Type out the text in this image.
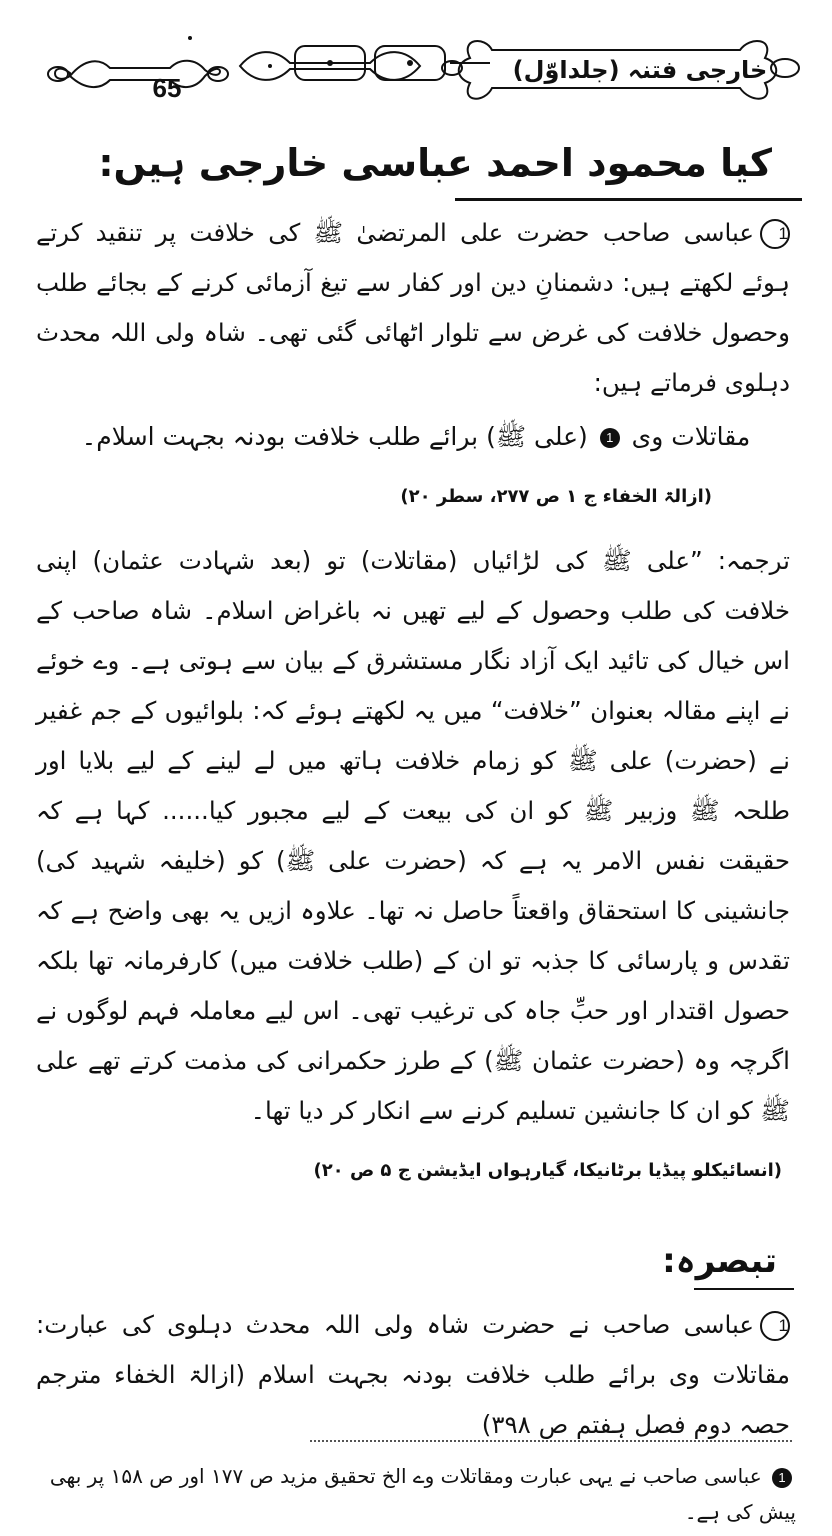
65
خارجی فتنہ (جلداوّل)
کیا محمود احمد عباسی خارجی ہیں:
1عباسی صاحب حضرت علی المرتضیٰ ﷺ کی خلافت پر تنقید کرتے ہوئے لکھتے ہیں: دشمنانِ دین اور کفار سے تیغ آزمائی کرنے کے بجائے طلب وحصول خلافت کی غرض سے تلوار اٹھائی گئی تھی۔ شاہ ولی اللہ محدث دہلوی فرماتے ہیں:
مقاتلات وی 1 (علی ﷺ) برائے طلب خلافت بودنہ بجہت اسلام۔
(ازالۃ الخفاء ج ۱ ص ۲۷۷، سطر ۲۰)
ترجمہ: ”علی ﷺ کی لڑائیاں (مقاتلات) تو (بعد شہادت عثمان) اپنی خلافت کی طلب وحصول کے لیے تھیں نہ باغراض اسلام۔ شاہ صاحب کے اس خیال کی تائید ایک آزاد نگار مستشرق کے بیان سے ہوتی ہے۔ وے خوئے نے اپنے مقالہ بعنوان ”خلافت“ میں یہ لکھتے ہوئے کہ: بلوائیوں کے جم غفیر نے (حضرت) علی ﷺ کو زمام خلافت ہاتھ میں لے لینے کے لیے بلایا اور طلحہ ﷺ وزبیر ﷺ کو ان کی بیعت کے لیے مجبور کیا...... کہا ہے کہ حقیقت نفس الامر یہ ہے کہ (حضرت علی ﷺ) کو (خلیفہ شہید کی) جانشینی کا استحقاق واقعتاً حاصل نہ تھا۔ علاوہ ازیں یہ بھی واضح ہے کہ تقدس و پارسائی کا جذبہ تو ان کے (طلب خلافت میں) کارفرمانہ تھا بلکہ حصول اقتدار اور حبِّ جاہ کی ترغیب تھی۔ اس لیے معاملہ فہم لوگوں نے اگرچہ وہ (حضرت عثمان ﷺ) کے طرز حکمرانی کی مذمت کرتے تھے علی ﷺ کو ان کا جانشین تسلیم کرنے سے انکار کر دیا تھا۔
(انسائیکلو پیڈیا برٹانیکا، گیارہواں ایڈیشن ج ۵ ص ۲۰)
تبصرہ:
1عباسی صاحب نے حضرت شاہ ولی اللہ محدث دہلوی کی عبارت: مقاتلات وی برائے طلب خلافت بودنہ بجہت اسلام (ازالۃ الخفاء مترجم حصہ دوم فصل ہفتم ص ۳۹۸)
1 عباسی صاحب نے یہی عبارت ومقاتلات وے الخ تحقیق مزید ص ۱۷۷ اور ص ۱۵۸ پر بھی پیش کی ہے۔
